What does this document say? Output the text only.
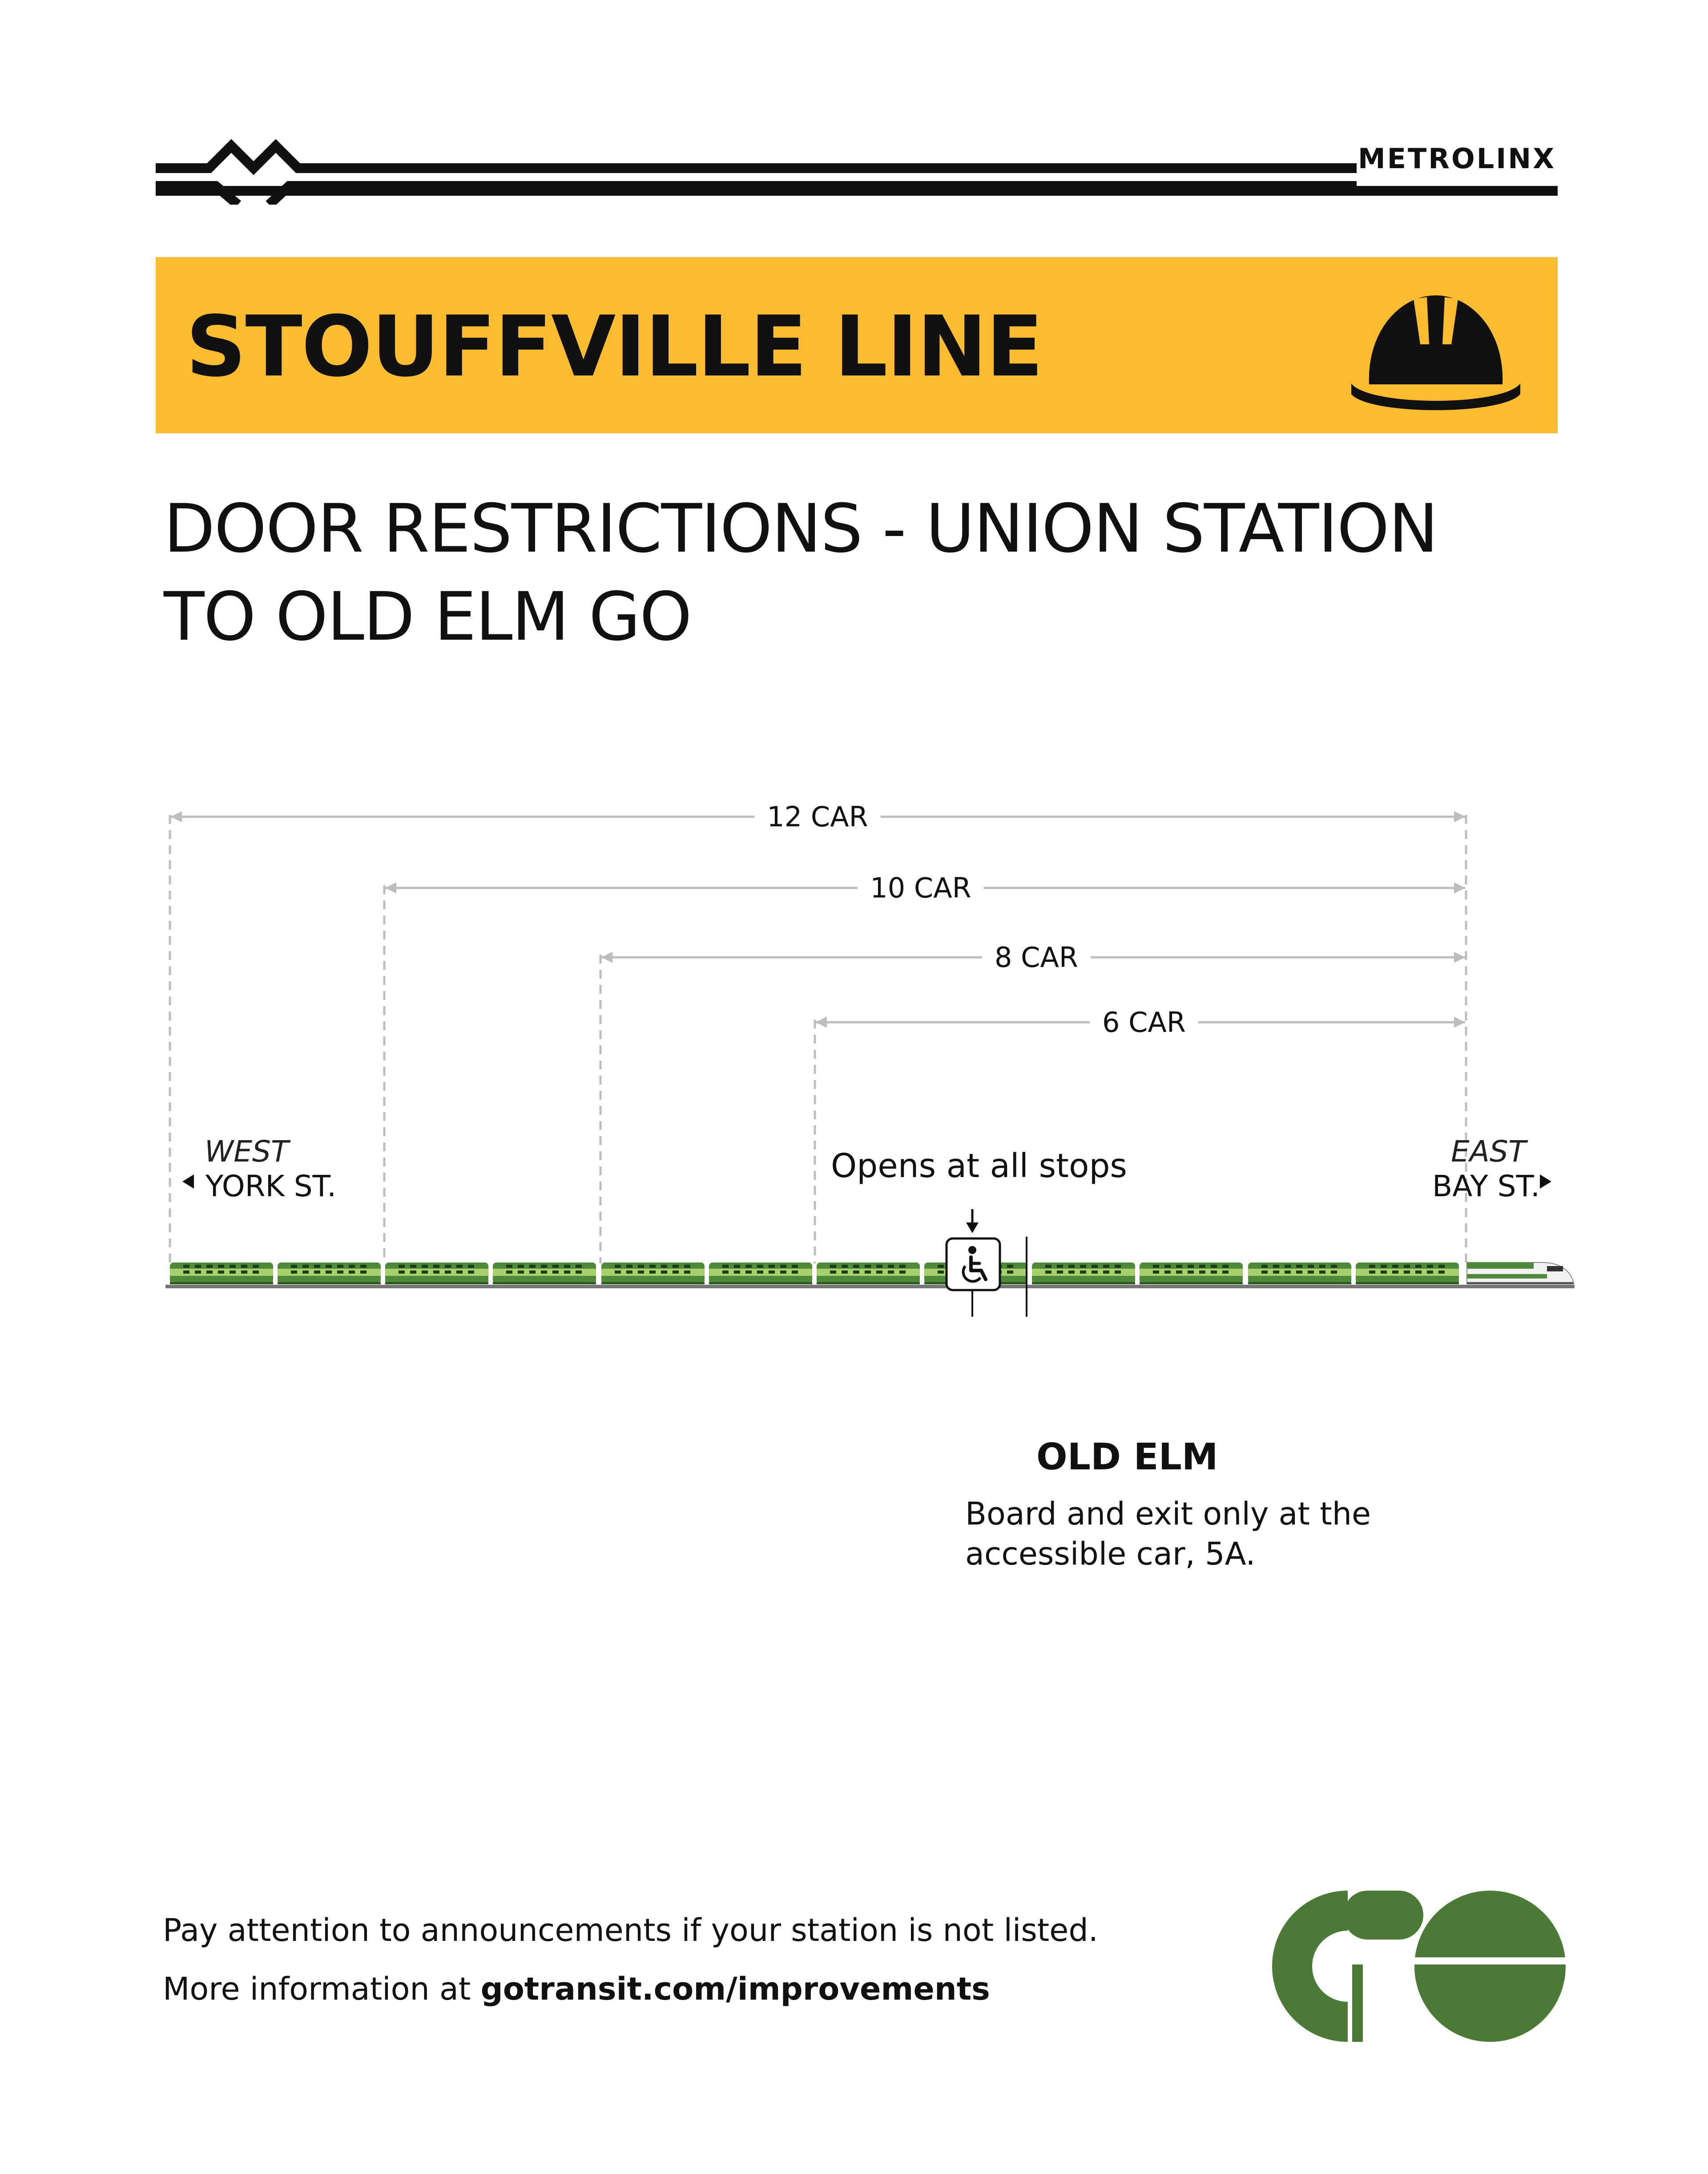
METROLINX
STOUFFVILLE LINE
DOOR RESTRICTIONS - UNION STATION
TO OLD ELM GO
12 CAR
10 CAR
8 CAR
6 CAR
WEST
YORK ST.
EAST
BAY ST.
Opens at all stops
OLD ELM
Board and exit only at the accessible car, 5A.
Pay attention to announcements if your station is not listed.
More information at gotransit.com/improvements
